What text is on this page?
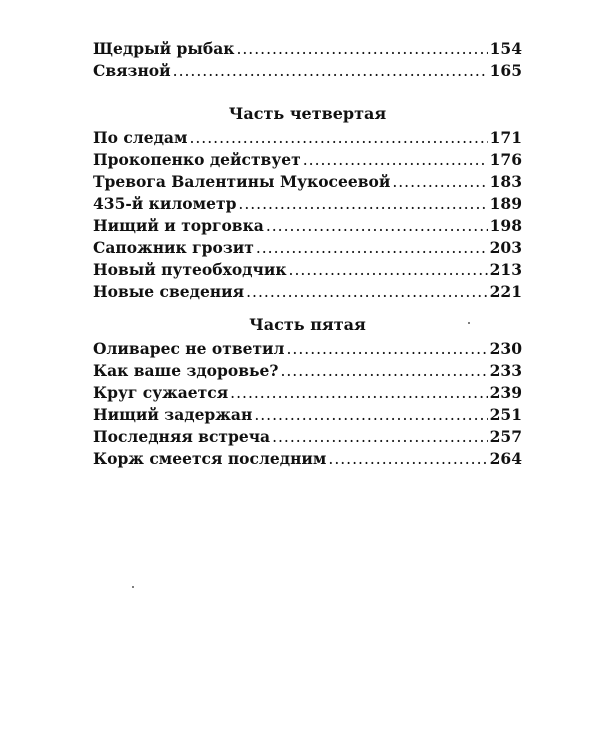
Щедрый рыбак .....	154
Связной .....	165
Часть четвертая
По следам .....	171
Прокопенко действует .....	176
Тревога Валентины Мукосеевой .....	183
435-й километр .....	189
Нищий и торговка .....	198
Сапожник грозит .....	203
Новый путеобходчик .....	213
Новые сведения .....	221
Часть пятая
Оливарес не ответил .....	230
Как ваше здоровье? .....	233
Круг сужается .....	239
Нищий задержан .....	251
Последняя встреча .....	257
Корж смеется последним .....	264
